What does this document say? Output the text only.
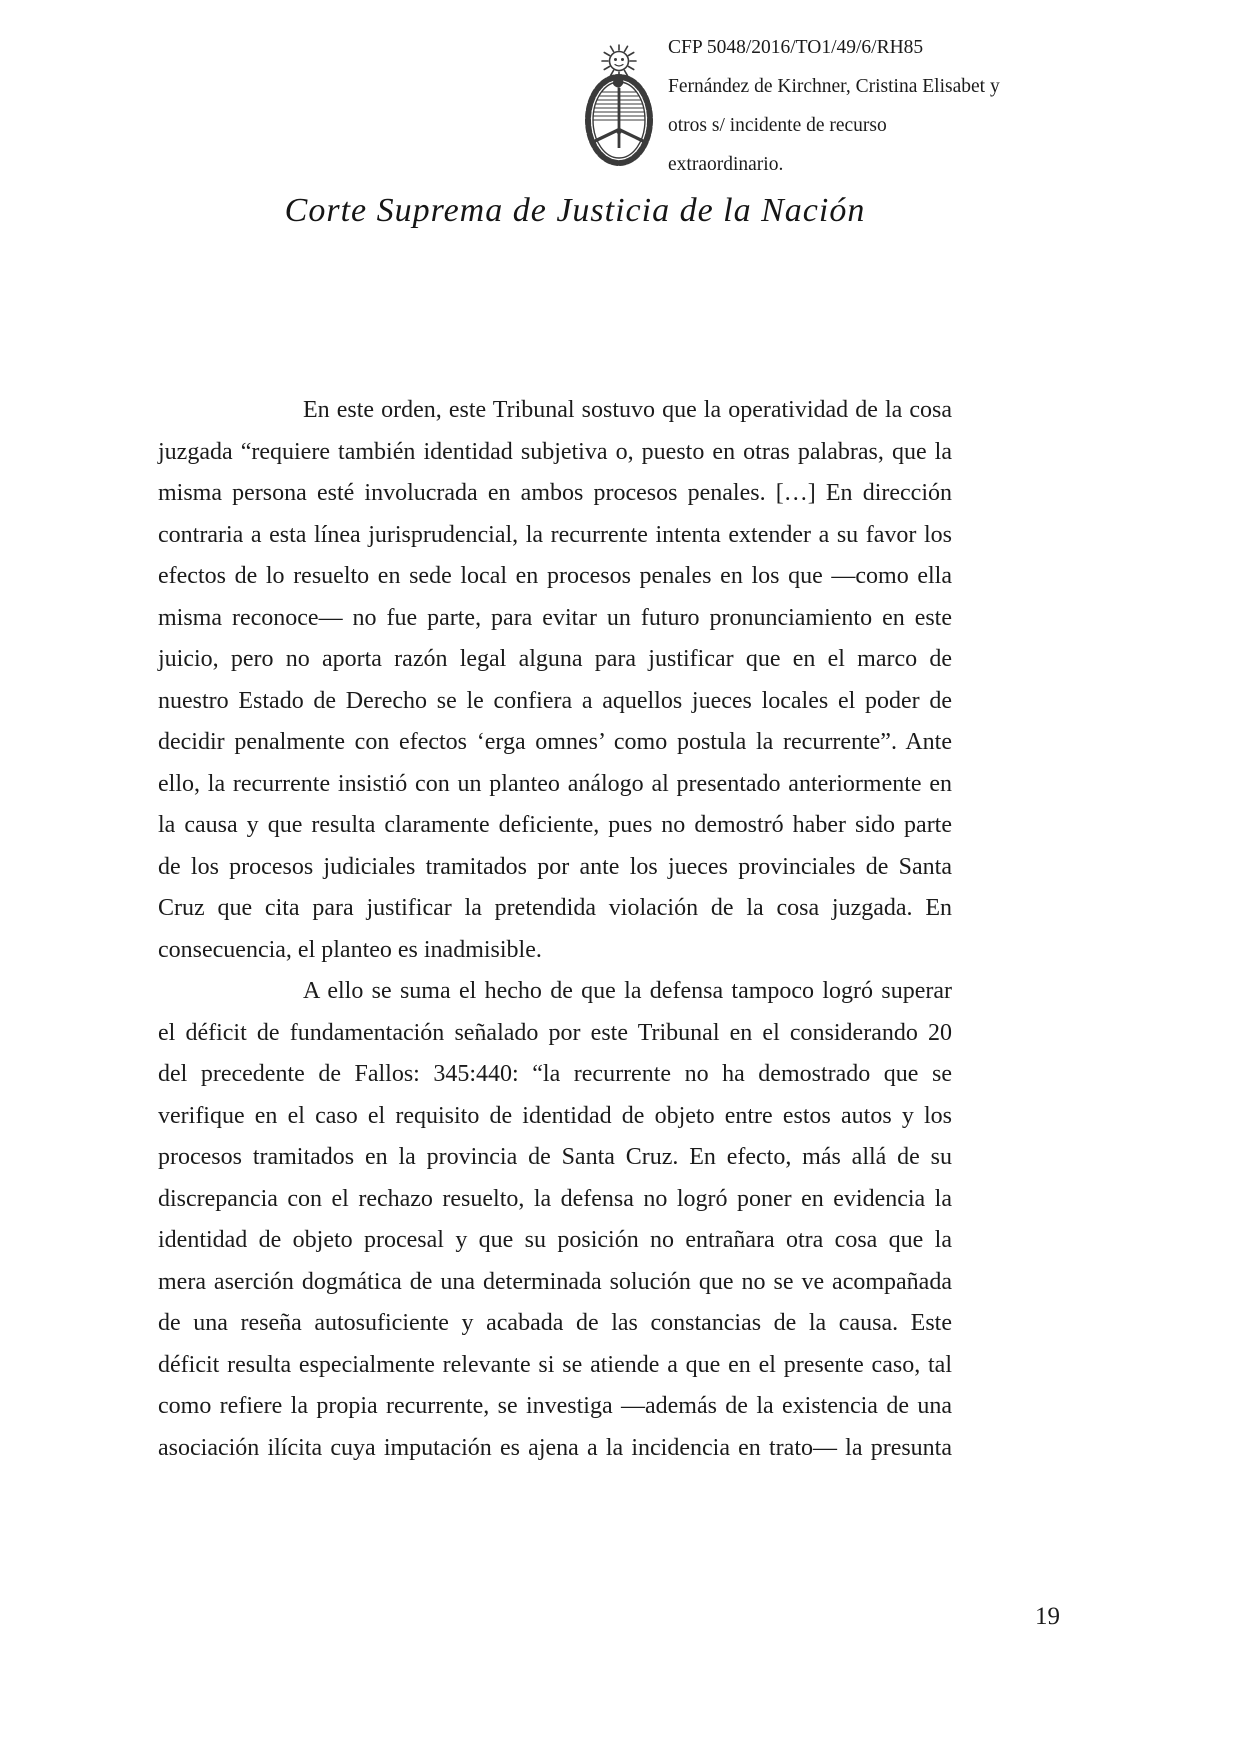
CFP 5048/2016/TO1/49/6/RH85
Fernández de Kirchner, Cristina Elisabet y
otros s/ incidente de recurso
extraordinario.
Corte Suprema de Justicia de la Nación
En este orden, este Tribunal sostuvo que la operatividad de la cosa
juzgada “requiere también identidad subjetiva o, puesto en otras palabras, que la
misma persona esté involucrada en ambos procesos penales. […] En dirección
contraria a esta línea jurisprudencial, la recurrente intenta extender a su favor los
efectos de lo resuelto en sede local en procesos penales en los que —como ella
misma reconoce— no fue parte, para evitar un futuro pronunciamiento en este
juicio, pero no aporta razón legal alguna para justificar que en el marco de
nuestro Estado de Derecho se le confiera a aquellos jueces locales el poder de
decidir penalmente con efectos ‘erga omnes’ como postula la recurrente”. Ante
ello, la recurrente insistió con un planteo análogo al presentado anteriormente en
la causa y que resulta claramente deficiente, pues no demostró haber sido parte
de los procesos judiciales tramitados por ante los jueces provinciales de Santa
Cruz que cita para justificar la pretendida violación de la cosa juzgada. En
consecuencia, el planteo es inadmisible.
A ello se suma el hecho de que la defensa tampoco logró superar
el déficit de fundamentación señalado por este Tribunal en el considerando 20
del precedente de Fallos: 345:440: “la recurrente no ha demostrado que se
verifique en el caso el requisito de identidad de objeto entre estos autos y los
procesos tramitados en la provincia de Santa Cruz. En efecto, más allá de su
discrepancia con el rechazo resuelto, la defensa no logró poner en evidencia la
identidad de objeto procesal y que su posición no entrañara otra cosa que la
mera aserción dogmática de una determinada solución que no se ve acompañada
de una reseña autosuficiente y acabada de las constancias de la causa. Este
déficit resulta especialmente relevante si se atiende a que en el presente caso, tal
como refiere la propia recurrente, se investiga —además de la existencia de una
asociación ilícita cuya imputación es ajena a la incidencia en trato— la presunta
19
